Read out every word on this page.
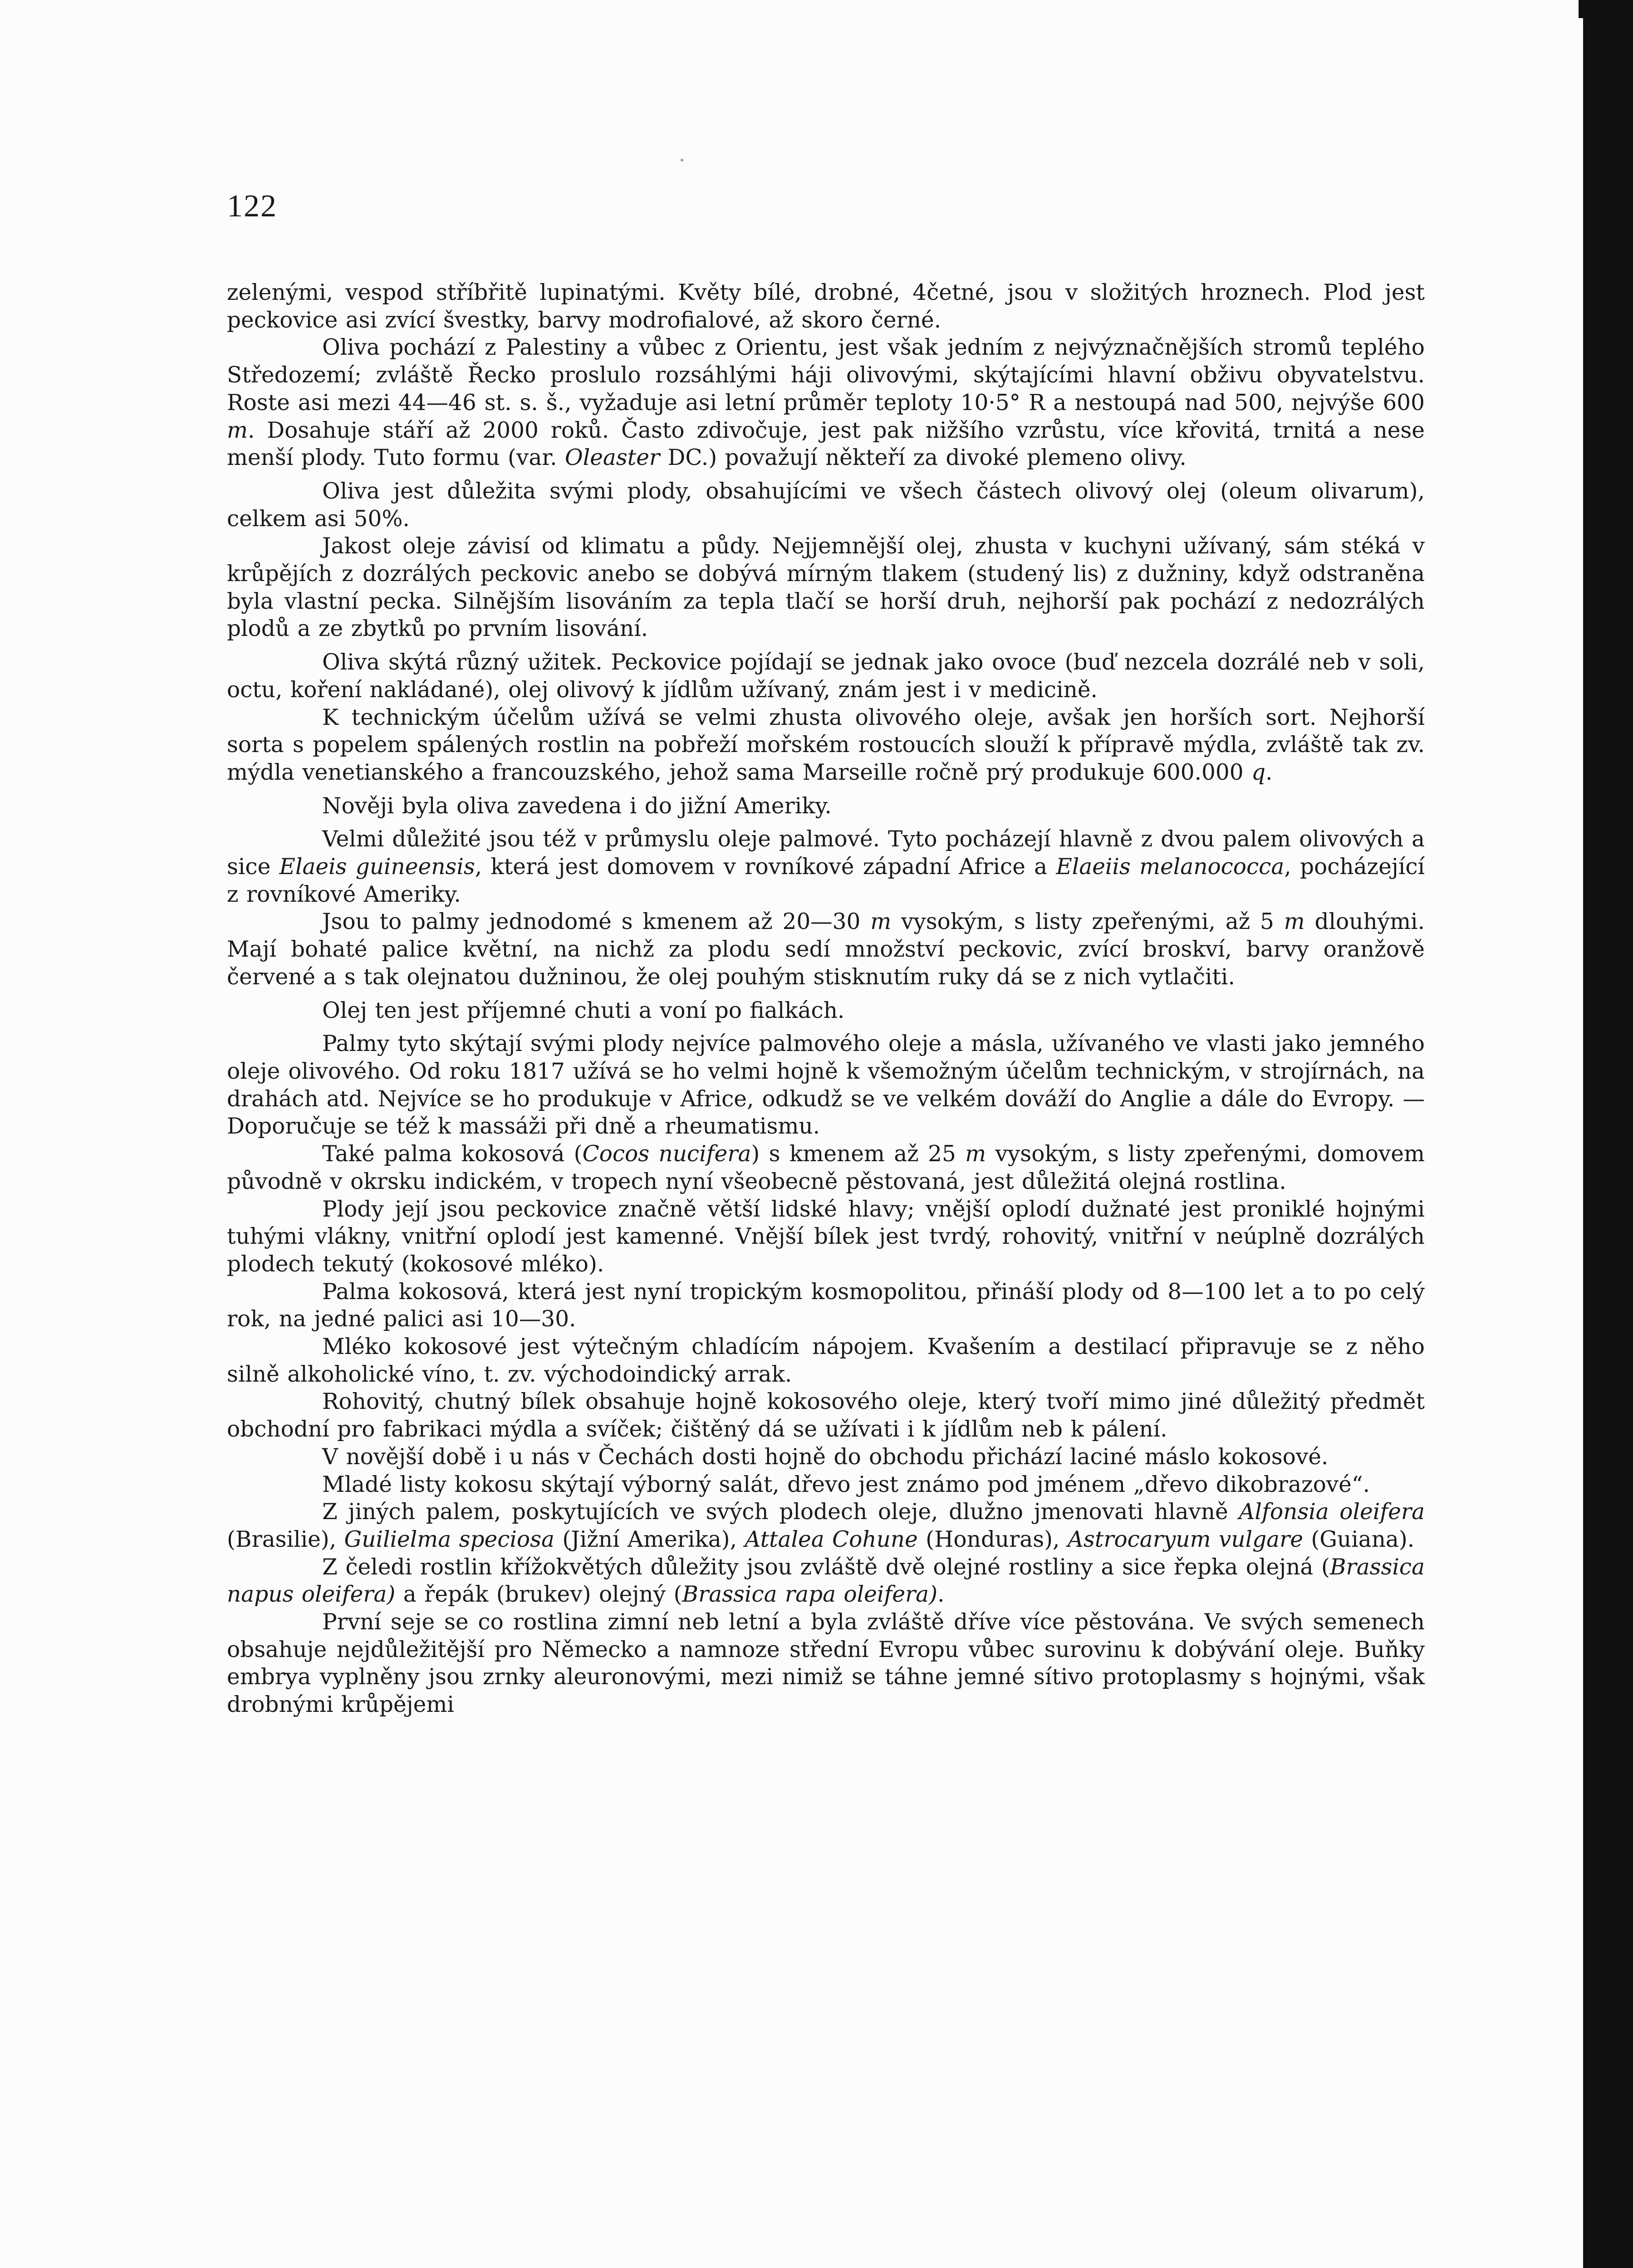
122

zelenými, vespod stříbřitě lupinatými. Květy bílé, drobné, 4četné, jsou v složitých hroznech. Plod jest peckovice asi zvící švestky, barvy modrofialové, až skoro černé.

Oliva pochází z Palestiny a vůbec z Orientu, jest však jedním z nejvýznačnějších stromů teplého Středozemí; zvláště Řecko proslulo rozsáhlými háji olivovými, skýtajícími hlavní obživu obyvatelstvu. Roste asi mezi 44—46 st. s. š., vyžaduje asi letní průměr teploty 10·5° R a nestoupá nad 500, nejvýše 600 m. Dosahuje stáří až 2000 roků. Často zdivočuje, jest pak nižšího vzrůstu, více křovitá, trnitá a nese menší plody. Tuto formu (var. Oleaster DC.) považují někteří za divoké plemeno olivy.

Oliva jest důležita svými plody, obsahujícími ve všech částech olivový olej (oleum olivarum), celkem asi 50%.

Jakost oleje závisí od klimatu a půdy. Nejjemnější olej, zhusta v kuchyni užívaný, sám stéká v krůpějích z dozrálých peckovic anebo se dobývá mírným tlakem (studený lis) z dužniny, když odstraněna byla vlastní pecka. Silnějším lisováním za tepla tlačí se horší druh, nejhorší pak pochází z nedozrálých plodů a ze zbytků po prvním lisování.

Oliva skýtá různý užitek. Peckovice pojídají se jednak jako ovoce (buď nezcela dozrálé neb v soli, octu, koření nakládané), olej olivový k jídlům užívaný, znám jest i v medicině.

K technickým účelům užívá se velmi zhusta olivového oleje, avšak jen horších sort. Nejhorší sorta s popelem spálených rostlin na pobřeží mořském rostoucích slouží k přípravě mýdla, zvláště tak zv. mýdla venetianského a francouzského, jehož sama Marseille ročně prý produkuje 600.000 q.

Nověji byla oliva zavedena i do jižní Ameriky.

Velmi důležité jsou též v průmyslu oleje palmové. Tyto pocházejí hlavně z dvou palem olivových a sice Elaeis guineensis, která jest domovem v rovníkové západní Africe a Elaeiis melanococca, pocházející z rovníkové Ameriky.

Jsou to palmy jednodomé s kmenem až 20—30 m vysokým, s listy zpeřenými, až 5 m dlouhými. Mají bohaté palice květní, na nichž za plodu sedí množství peckovic, zvící broskví, barvy oranžově červené a s tak olejnatou dužninou, že olej pouhým stisknutím ruky dá se z nich vytlačiti.

Olej ten jest příjemné chuti a voní po fialkách.

Palmy tyto skýtají svými plody nejvíce palmového oleje a másla, užívaného ve vlasti jako jemného oleje olivového. Od roku 1817 užívá se ho velmi hojně k všemožným účelům technickým, v strojírnách, na drahách atd. Nejvíce se ho produkuje v Africe, odkudž se ve velkém dováží do Anglie a dále do Evropy. — Doporučuje se též k massáži při dně a rheumatismu.

Také palma kokosová (Cocos nucifera) s kmenem až 25 m vysokým, s listy zpeřenými, domovem původně v okrsku indickém, v tropech nyní všeobecně pěstovaná, jest důležitá olejná rostlina.

Plody její jsou peckovice značně větší lidské hlavy; vnější oplodí dužnaté jest proniklé hojnými tuhými vlákny, vnitřní oplodí jest kamenné. Vnější bílek jest tvrdý, rohovitý, vnitřní v neúplně dozrálých plodech tekutý (kokosové mléko).

Palma kokosová, která jest nyní tropickým kosmopolitou, přináší plody od 8—100 let a to po celý rok, na jedné palici asi 10—30.

Mléko kokosové jest výtečným chladícím nápojem. Kvašením a destilací připravuje se z něho silně alkoholické víno, t. zv. východoindický arrak.

Rohovitý, chutný bílek obsahuje hojně kokosového oleje, který tvoří mimo jiné důležitý předmět obchodní pro fabrikaci mýdla a svíček; čištěný dá se užívati i k jídlům neb k pálení.

V novější době i u nás v Čechách dosti hojně do obchodu přichází laciné máslo kokosové.

Mladé listy kokosu skýtají výborný salát, dřevo jest známo pod jménem „dřevo dikobrazové“.

Z jiných palem, poskytujících ve svých plodech oleje, dlužno jmenovati hlavně Alfonsia oleifera (Brasilie), Guilielma speciosa (Jižní Amerika), Attalea Cohune (Honduras), Astrocaryum vulgare (Guiana).

Z čeledi rostlin křížokvětých důležity jsou zvláště dvě olejné rostliny a sice řepka olejná (Brassica napus oleifera) a řepák (brukev) olejný (Brassica rapa oleifera).

První seje se co rostlina zimní neb letní a byla zvláště dříve více pěstována. Ve svých semenech obsahuje nejdůležitější pro Německo a namnoze střední Evropu vůbec surovinu k dobývání oleje. Buňky embrya vyplněny jsou zrnky aleuronovými, mezi nimiž se táhne jemné sítivo protoplasmy s hojnými, však drobnými krůpějemi
